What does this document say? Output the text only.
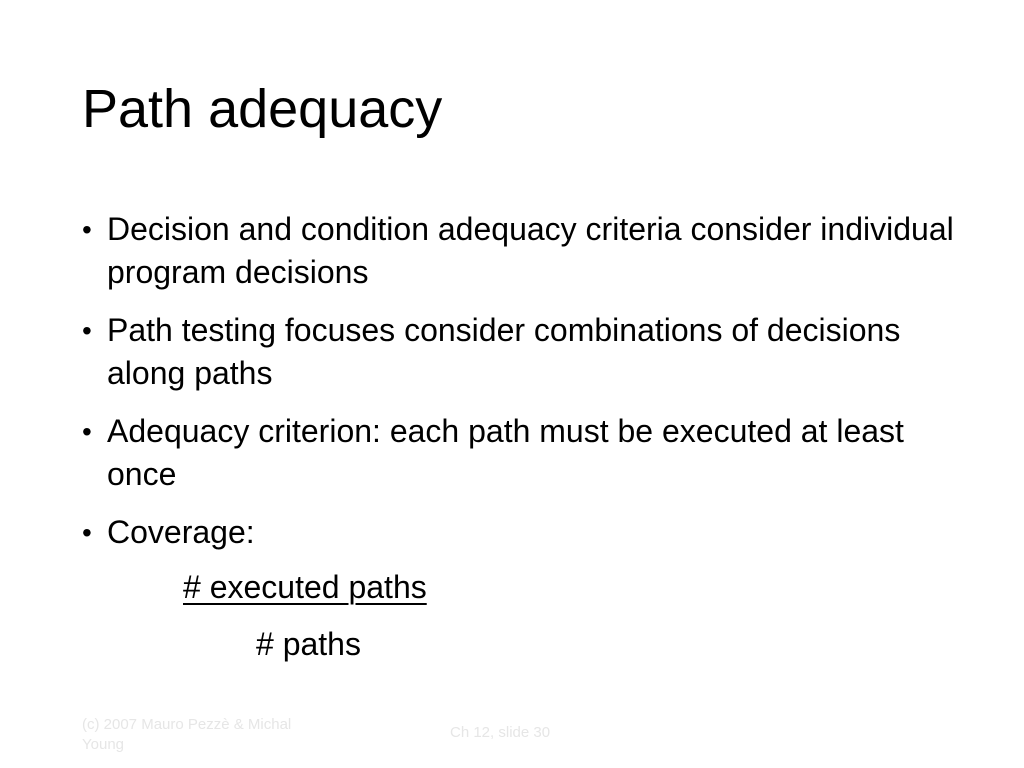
Path adequacy
• Decision and condition adequacy criteria consider individual program decisions
• Path testing focuses consider combinations of decisions along paths
• Adequacy criterion: each path must be executed at least once
• Coverage:
# executed paths
# paths
(c) 2007 Mauro Pezzè & Michal Young
Ch 12, slide 30
